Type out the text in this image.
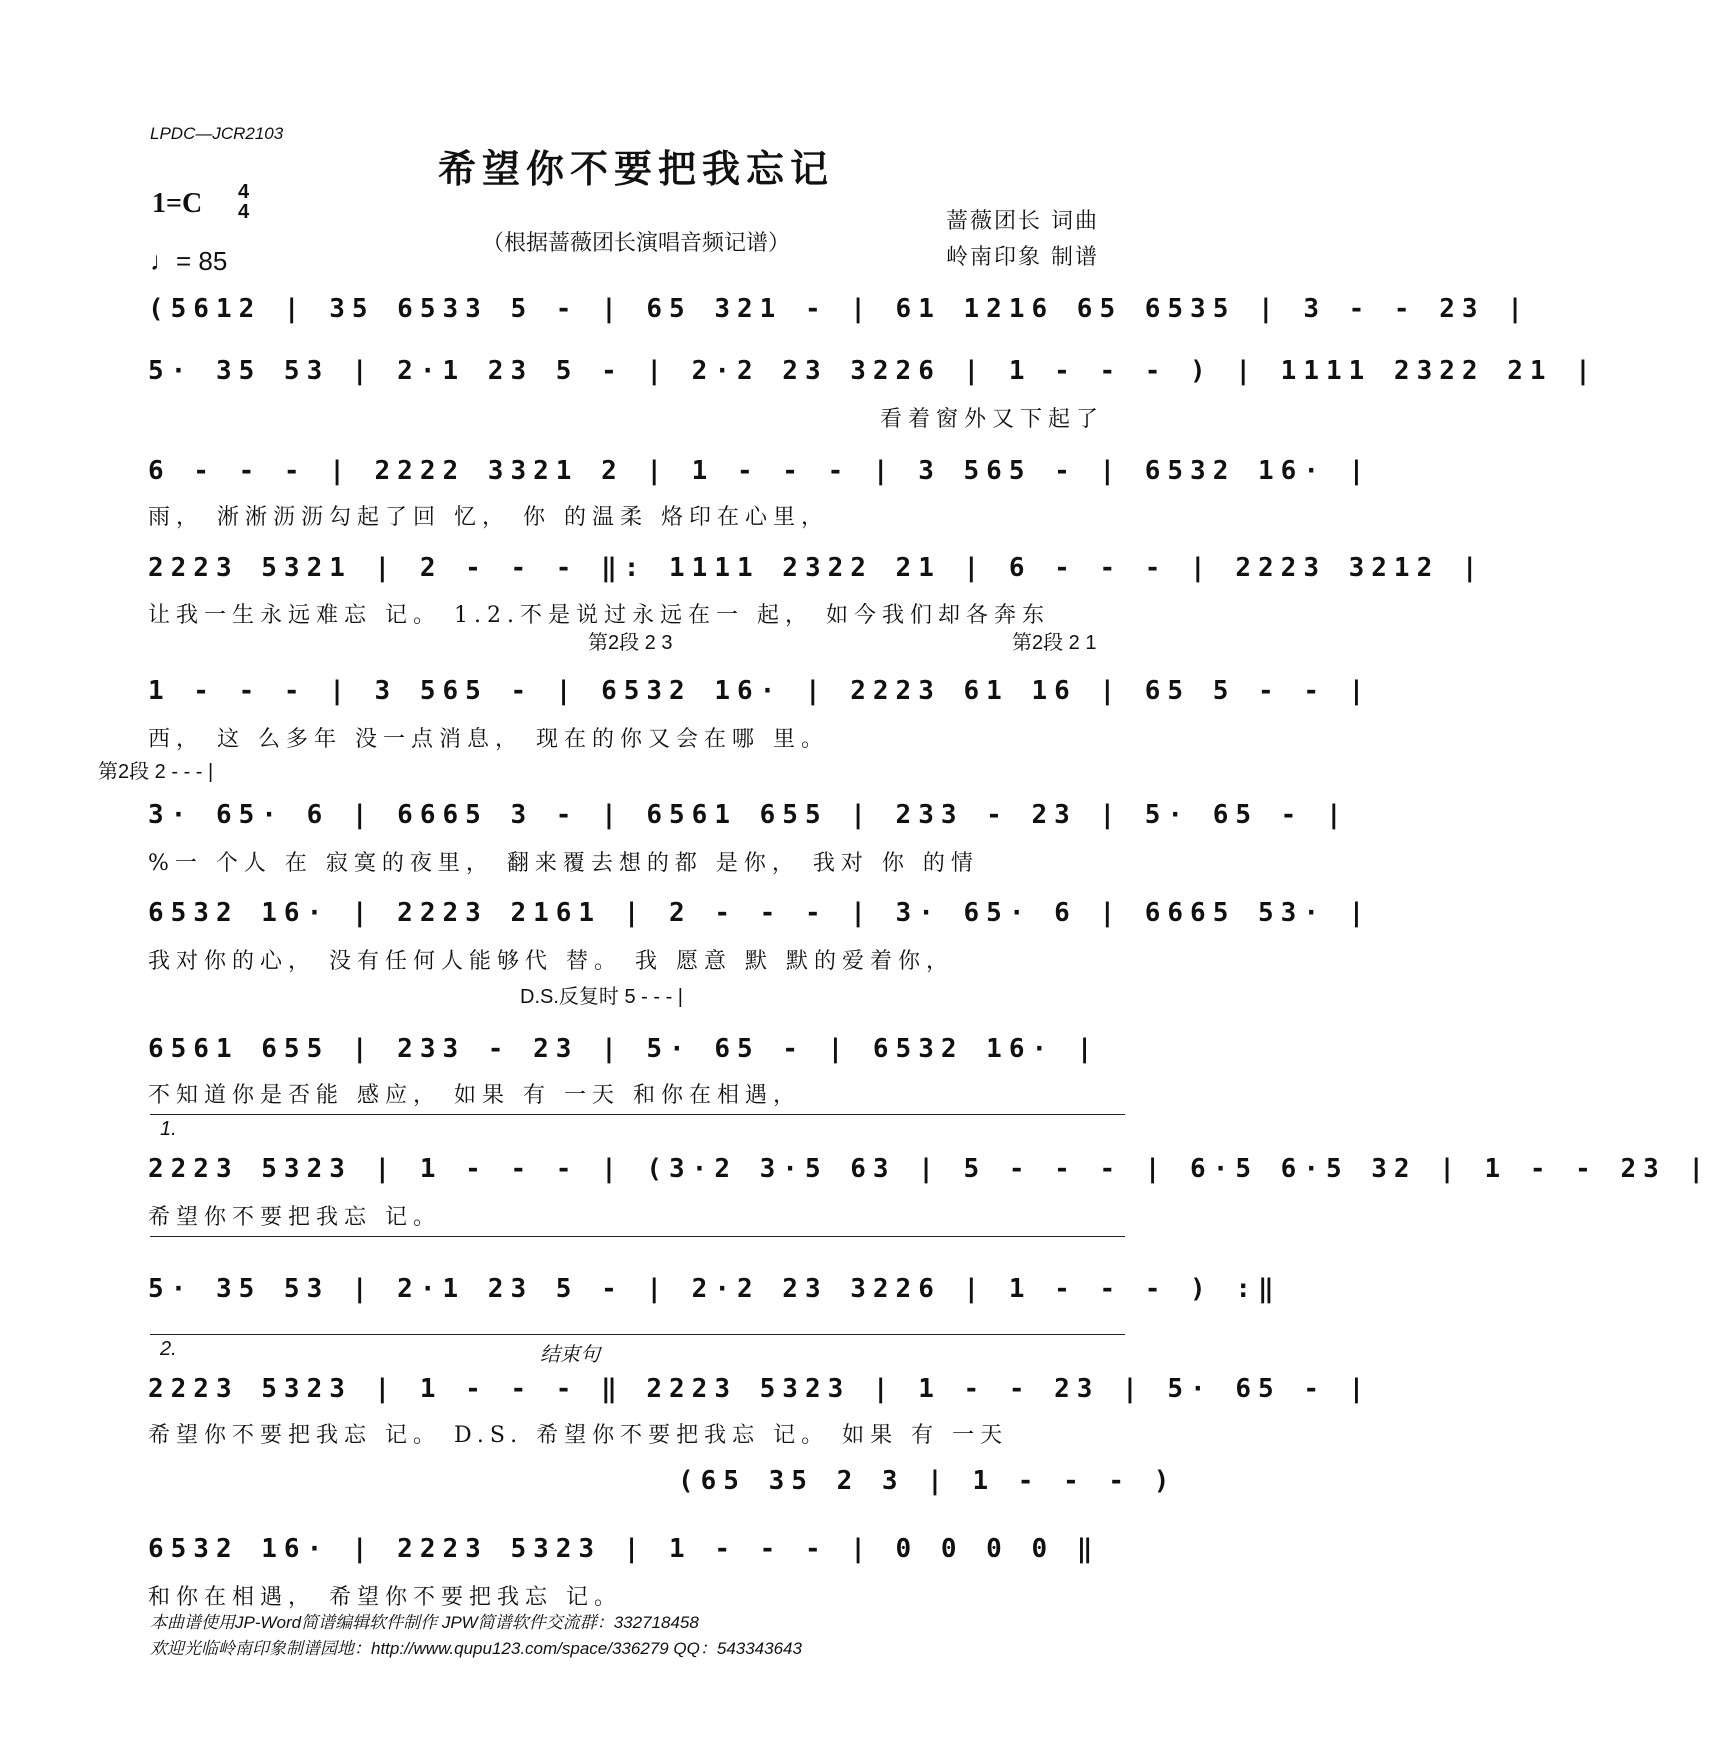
LPDC—JCR2103
希望你不要把我忘记
1=C 4
4
♩= 85
（根据蔷薇团长演唱音频记谱）
蔷薇团长 词曲
岭南印象 制谱
(5612 | 35 6533 5 - | 65 321 - | 61 1216 65 6535 | 3 - - 23 |
5· 35 53 | 2·1 23 5 - | 2·2 23 3226 | 1 - - - ) | 1111 2322 21 |
看着窗外又下起了
6 - - - | 2222 3321 2 | 1 - - - | 3 565 - | 6532 16· |
雨， 淅淅沥沥勾起了回 忆， 你 的温柔 烙印在心里，
2223 5321 | 2 - - - ‖: 1111 2322 21 | 6 - - - | 2223 3212 |
让我一生永远难忘 记。 1.2.不是说过永远在一 起， 如今我们却各奔东
第2段 2 3	第2段 2 1
1 - - - | 3 565 - | 6532 16· | 2223 61 16 | 65 5 - - |
西， 这 么多年 没一点消息， 现在的你又会在哪 里。
第2段 2 - - - |
3· 65· 6 | 6665 3 - | 6561 655 | 233 - 23 | 5· 65 - |
%一 个人 在 寂寞的夜里， 翻来覆去想的都 是你， 我对 你 的情
6532 16· | 2223 2161 | 2 - - - | 3· 65· 6 | 6665 53· |
我对你的心， 没有任何人能够代 替。 我 愿意 默 默的爱着你，
D.S.反复时 5 - - - |
6561 655 | 233 - 23 | 5· 65 - | 6532 16· |
不知道你是否能 感应， 如果 有 一天 和你在相遇，
1.
2223 5323 | 1 - - - | (3·2 3·5 63 | 5 - - - | 6·5 6·5 32 | 1 - - 23 |
希望你不要把我忘 记。
5· 35 53 | 2·1 23 5 - | 2·2 23 3226 | 1 - - - ) :‖
2.	结束句
2223 5323 | 1 - - - ‖ 2223 5323 | 1 - - 23 | 5· 65 - |
希望你不要把我忘 记。 D.S. 希望你不要把我忘 记。 如果 有 一天
(65 35 2 3 | 1 - - - )
6532 16· | 2223 5323 | 1 - - - | 0 0 0 0 ‖
和你在相遇， 希望你不要把我忘 记。
本曲谱使用JP-Word简谱编辑软件制作 JPW简谱软件交流群：332718458
欢迎光临岭南印象制谱园地：http://www.qupu123.com/space/336279 QQ：543343643
